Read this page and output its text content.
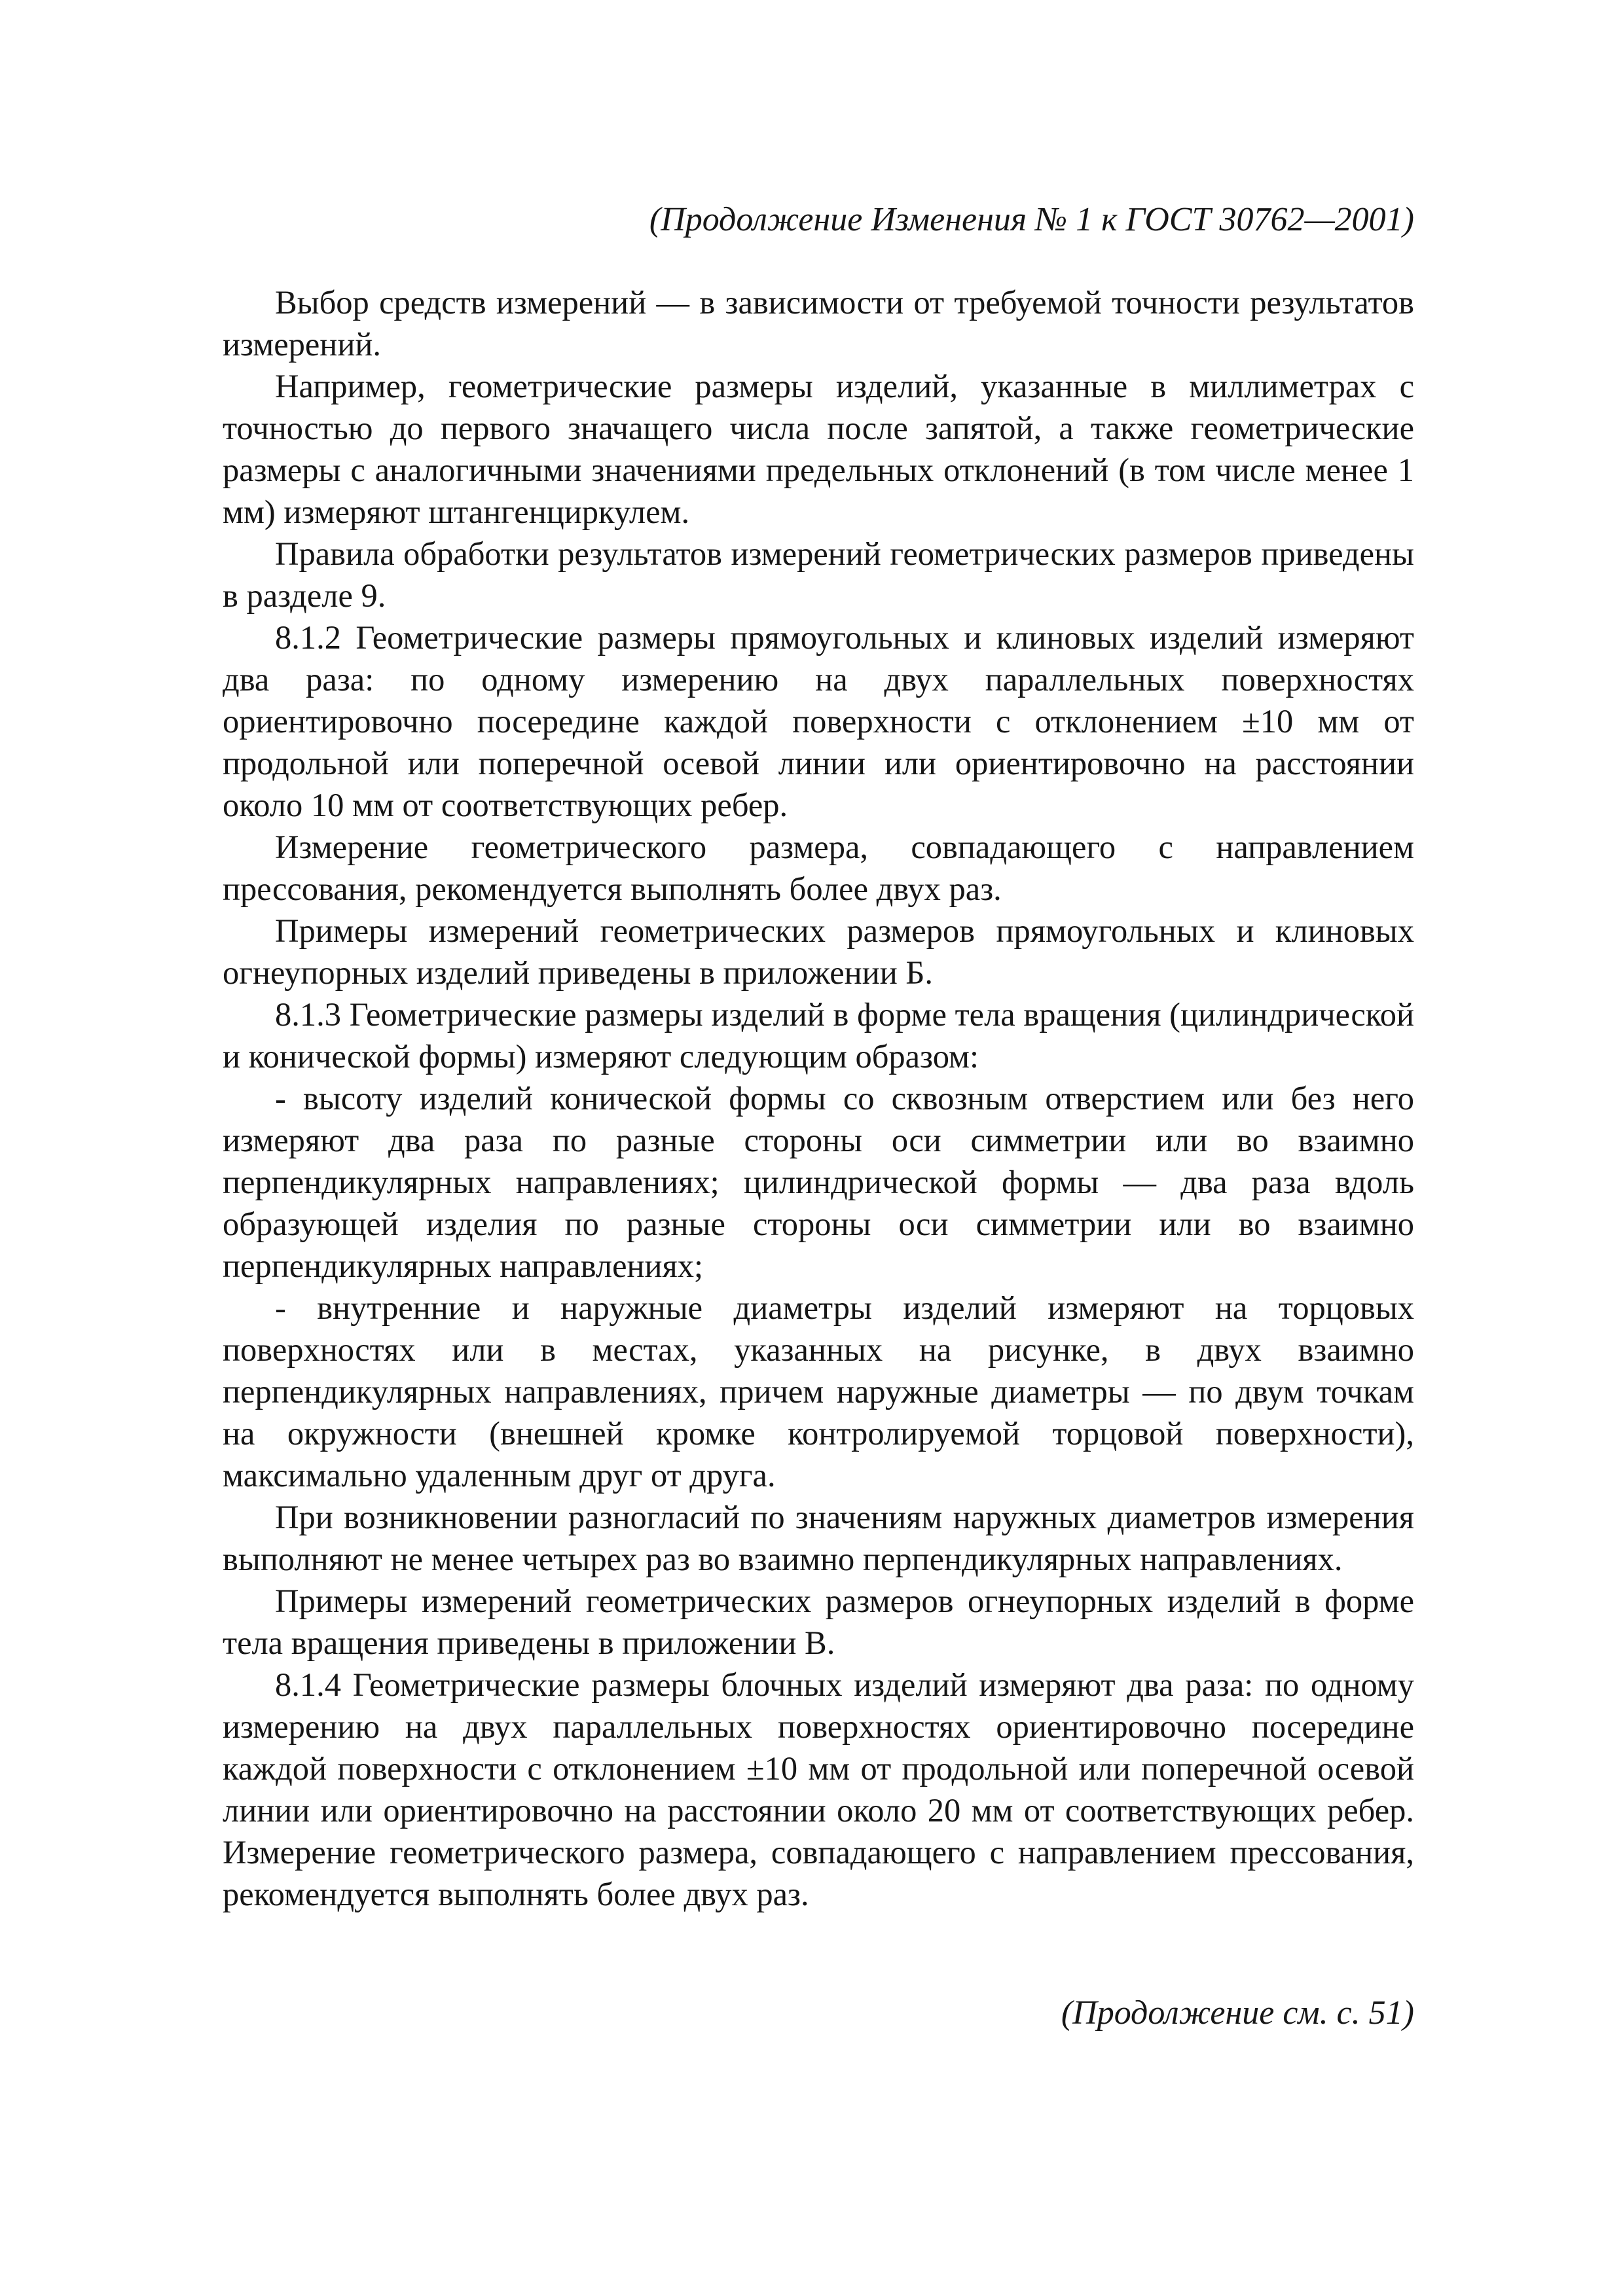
(Продолжение Изменения № 1 к ГОСТ 30762—2001)

Выбор средств измерений — в зависимости от требуемой точности результатов измерений.

Например, геометрические размеры изделий, указанные в миллиметрах с точностью до первого значащего числа после запятой, а также геометрические размеры с аналогичными значениями предельных отклонений (в том числе менее 1 мм) измеряют штангенциркулем.

Правила обработки результатов измерений геометрических размеров приведены в разделе 9.

8.1.2 Геометрические размеры прямоугольных и клиновых изделий измеряют два раза: по одному измерению на двух параллельных поверхностях ориентировочно посередине каждой поверхности с отклонением ±10 мм от продольной или поперечной осевой линии или ориентировочно на расстоянии около 10 мм от соответствующих ребер.

Измерение геометрического размера, совпадающего с направлением прессования, рекомендуется выполнять более двух раз.

Примеры измерений геометрических размеров прямоугольных и клиновых огнеупорных изделий приведены в приложении Б.

8.1.3 Геометрические размеры изделий в форме тела вращения (цилиндрической и конической формы) измеряют следующим образом:

- высоту изделий конической формы со сквозным отверстием или без него измеряют два раза по разные стороны оси симметрии или во взаимно перпендикулярных направлениях; цилиндрической формы — два раза вдоль образующей изделия по разные стороны оси симметрии или во взаимно перпендикулярных направлениях;

- внутренние и наружные диаметры изделий измеряют на торцовых поверхностях или в местах, указанных на рисунке, в двух взаимно перпендикулярных направлениях, причем наружные диаметры — по двум точкам на окружности (внешней кромке контролируемой торцовой поверхности), максимально удаленным друг от друга.

При возникновении разногласий по значениям наружных диаметров измерения выполняют не менее четырех раз во взаимно перпендикулярных направлениях.

Примеры измерений геометрических размеров огнеупорных изделий в форме тела вращения приведены в приложении В.

8.1.4 Геометрические размеры блочных изделий измеряют два раза: по одному измерению на двух параллельных поверхностях ориентировочно посередине каждой поверхности с отклонением ±10 мм от продольной или поперечной осевой линии или ориентировочно на расстоянии около 20 мм от соответствующих ребер. Измерение геометрического размера, совпадающего с направлением прессования, рекомендуется выполнять более двух раз.

(Продолжение см. с. 51)
